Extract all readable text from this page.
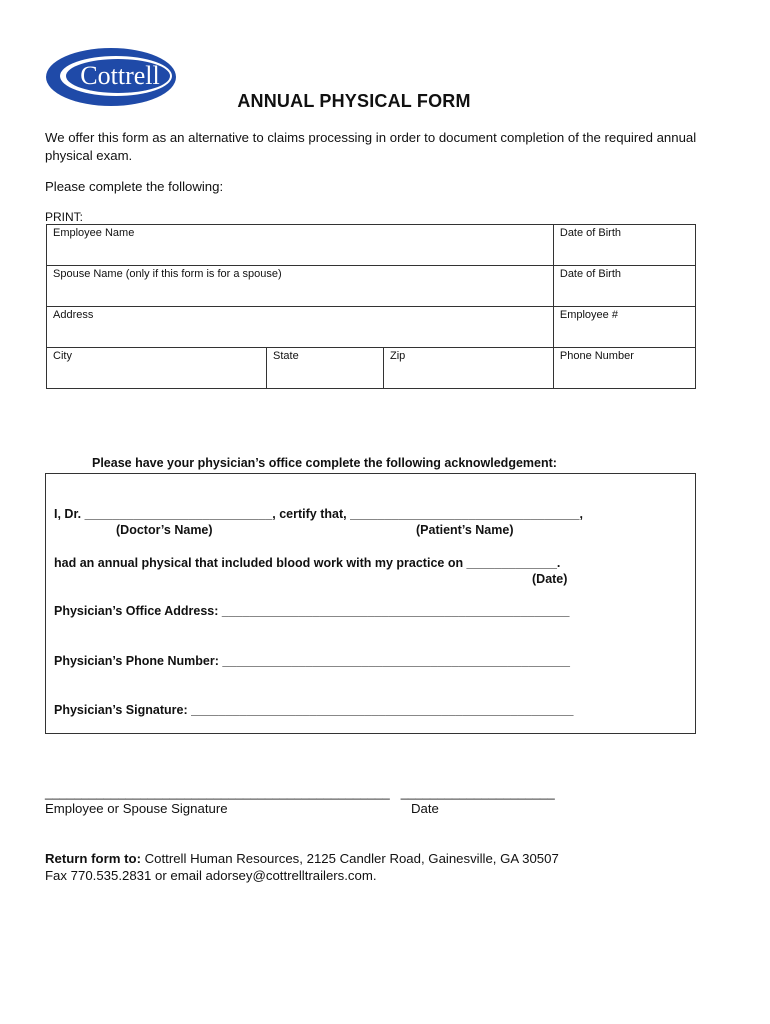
Cottrell
ANNUAL PHYSICAL FORM
We offer this form as an alternative to claims processing in order to document completion of the required annual physical exam.
Please complete the following:
PRINT:
Employee Name			Date of Birth
Spouse Name (only if this form is for a spouse)			Date of Birth
Address			Employee #
City	State	Zip	Phone Number
Please have your physician’s office complete the following acknowledgement:
I, Dr. ___________________________, certify that, _________________________________,
(Doctor’s Name)	(Patient’s Name)
had an annual physical that included blood work with my practice on _____________.
(Date)
Physician’s Office Address: __________________________________________________
Physician’s Phone Number: __________________________________________________
Physician’s Signature: _______________________________________________________
_______________________________________________   _____________________
Employee or Spouse Signature	Date
Return form to: Cottrell Human Resources, 2125 Candler Road, Gainesville, GA 30507
Fax 770.535.2831 or email adorsey@cottrelltrailers.com.
